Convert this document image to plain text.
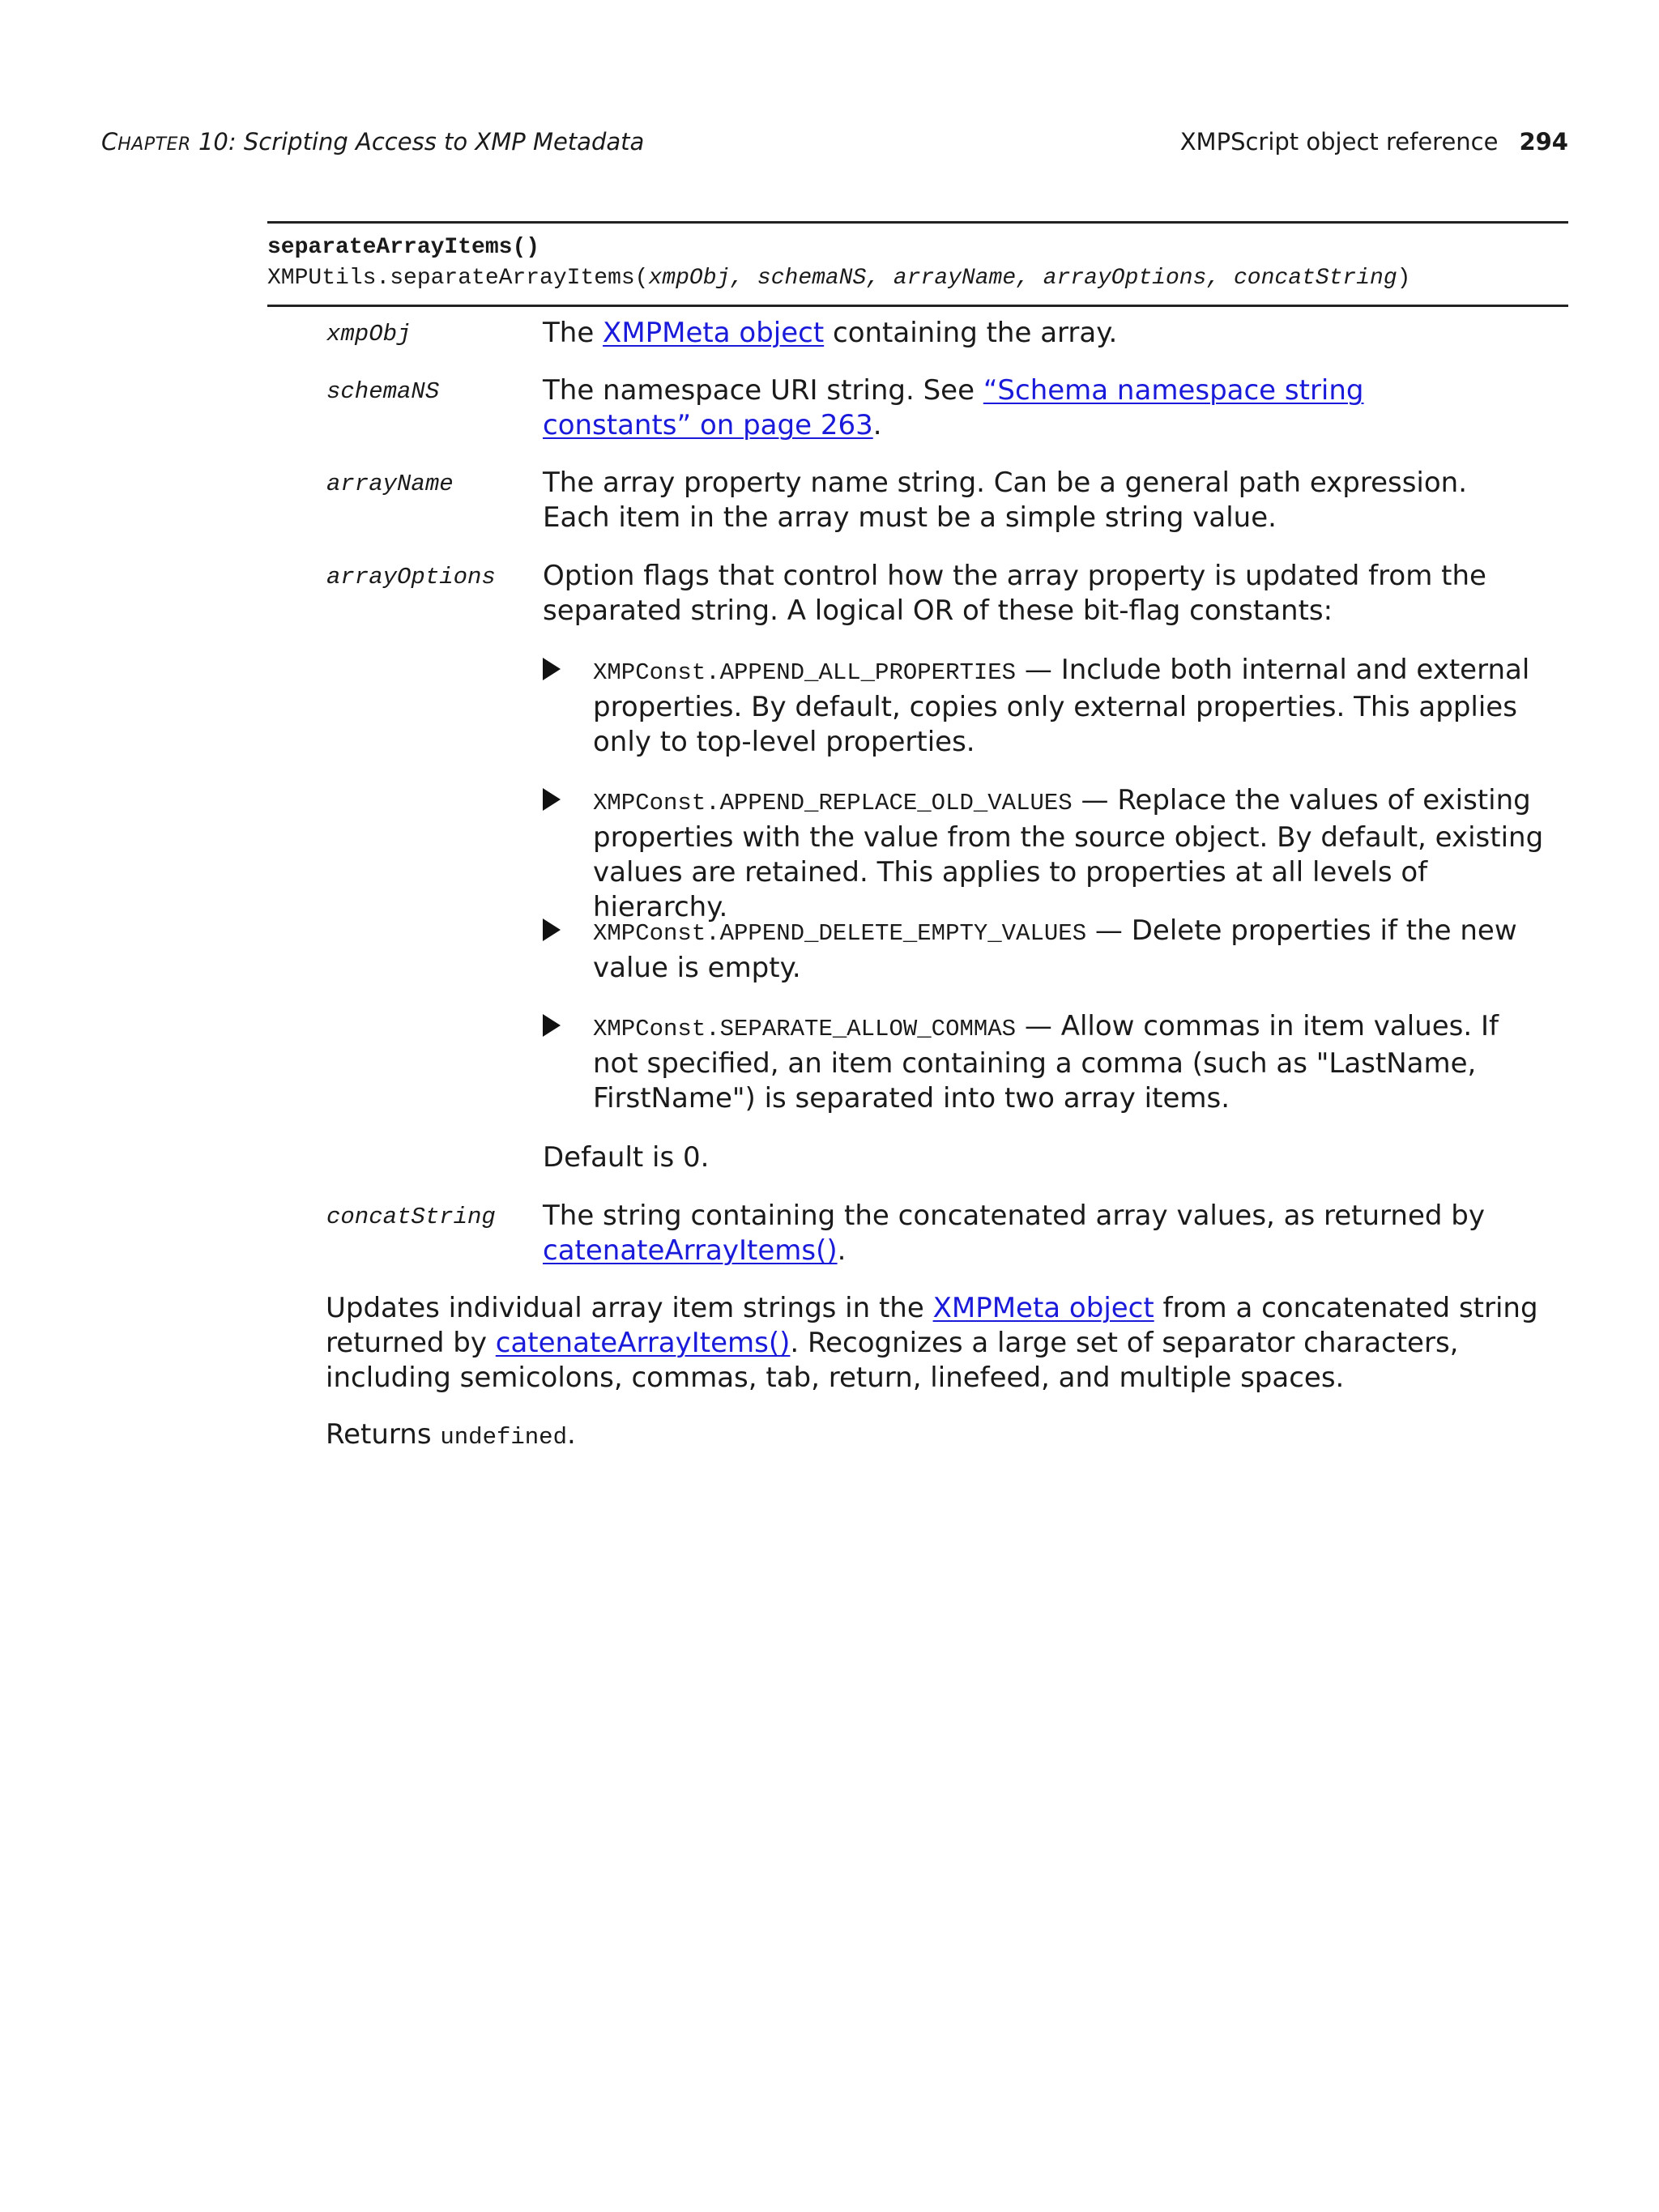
CHAPTER 10: Scripting Access to XMP Metadata	XMPScript object reference 294
separateArrayItems()
XMPUtils.separateArrayItems(xmpObj, schemaNS, arrayName, arrayOptions, concatString)
xmpObj	The XMPMeta object containing the array.
schemaNS	The namespace URI string. See “Schema namespace string constants” on page 263.
arrayName	The array property name string. Can be a general path expression. Each item in the array must be a simple string value.
arrayOptions Option flags that control how the array property is updated from the separated string. A logical OR of these bit-flag constants:
XMPConst.APPEND_ALL_PROPERTIES — Include both internal and external properties. By default, copies only external properties. This applies only to top-level properties.
XMPConst.APPEND_REPLACE_OLD_VALUES — Replace the values of existing properties with the value from the source object. By default, existing values are retained. This applies to properties at all levels of hierarchy.
XMPConst.APPEND_DELETE_EMPTY_VALUES — Delete properties if the new value is empty.
XMPConst.SEPARATE_ALLOW_COMMAS — Allow commas in item values. If not specified, an item containing a comma (such as "LastName, FirstName") is separated into two array items.
Default is 0.
concatString The string containing the concatenated array values, as returned by catenateArrayItems().
Updates individual array item strings in the XMPMeta object from a concatenated string returned by catenateArrayItems(). Recognizes a large set of separator characters, including semicolons, commas, tab, return, linefeed, and multiple spaces.
Returns undefined.
